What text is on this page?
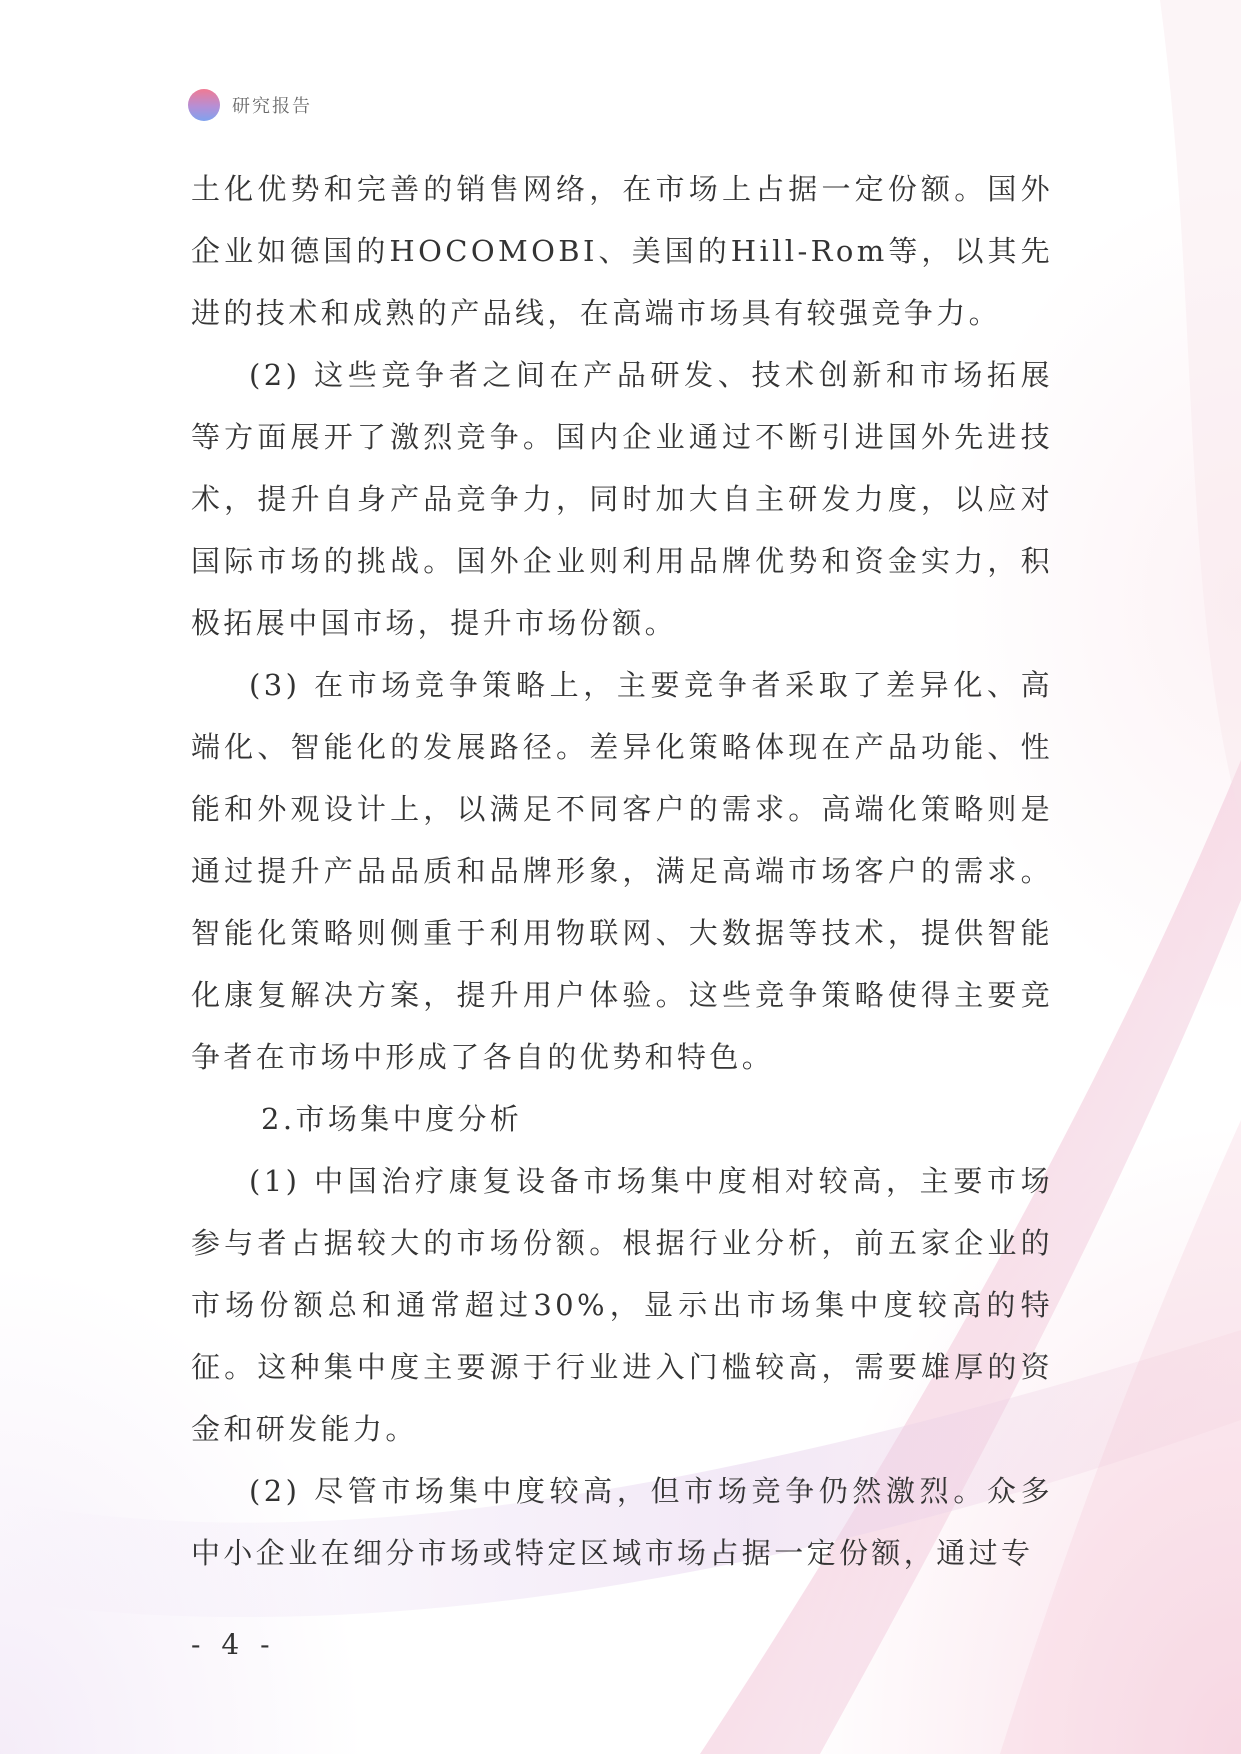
研究报告

土化优势和完善的销售网络，在市场上占据一定份额。国外企业如德国的HOCOMOBI、美国的Hill-Rom等，以其先进的技术和成熟的产品线，在高端市场具有较强竞争力。

(2) 这些竞争者之间在产品研发、技术创新和市场拓展等方面展开了激烈竞争。国内企业通过不断引进国外先进技术，提升自身产品竞争力，同时加大自主研发力度，以应对国际市场的挑战。国外企业则利用品牌优势和资金实力，积极拓展中国市场，提升市场份额。

(3) 在市场竞争策略上，主要竞争者采取了差异化、高端化、智能化的发展路径。差异化策略体现在产品功能、性能和外观设计上，以满足不同客户的需求。高端化策略则是通过提升产品品质和品牌形象，满足高端市场客户的需求。智能化策略则侧重于利用物联网、大数据等技术，提供智能化康复解决方案，提升用户体验。这些竞争策略使得主要竞争者在市场中形成了各自的优势和特色。

2.市场集中度分析

(1) 中国治疗康复设备市场集中度相对较高，主要市场参与者占据较大的市场份额。根据行业分析，前五家企业的市场份额总和通常超过30%，显示出市场集中度较高的特征。这种集中度主要源于行业进入门槛较高，需要雄厚的资金和研发能力。

(2) 尽管市场集中度较高，但市场竞争仍然激烈。众多中小企业在细分市场或特定区域市场占据一定份额，通过专

- 4 -
